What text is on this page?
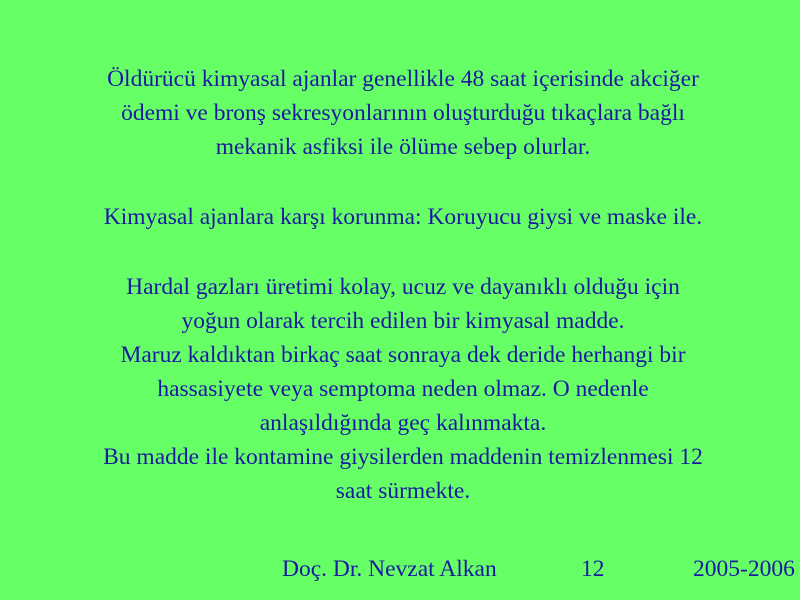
Öldürücü kimyasal ajanlar genellikle 48 saat içerisinde akciğer
ödemi ve bronş sekresyonlarının oluşturduğu tıkaçlara bağlı
mekanik asfiksi ile ölüme sebep olurlar.
Kimyasal ajanlara karşı korunma: Koruyucu giysi ve maske ile.
Hardal gazları üretimi kolay, ucuz ve dayanıklı olduğu için
yoğun olarak tercih edilen bir kimyasal madde.
Maruz kaldıktan birkaç saat sonraya dek deride herhangi bir
hassasiyete veya semptoma neden olmaz. O nedenle
anlaşıldığında geç kalınmakta.
Bu madde ile kontamine giysilerden maddenin temizlenmesi 12
saat sürmekte.
Doç. Dr. Nevzat Alkan	12	2005-2006
